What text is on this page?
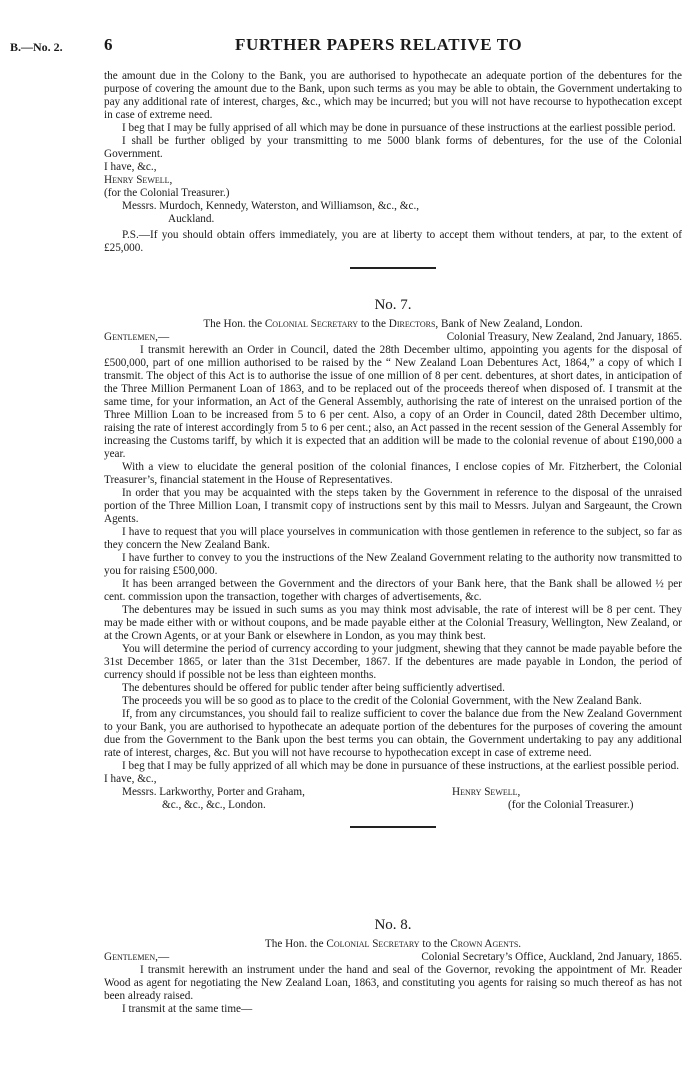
B.—No. 2. 6	FURTHER PAPERS RELATIVE TO

the amount due in the Colony to the Bank, you are authorised to hypothecate an adequate portion of the debentures for the purpose of covering the amount due to the Bank, upon such terms as you may be able to obtain, the Government undertaking to pay any additional rate of interest, charges, &c., which may be incurred; but you will not have recourse to hypothecation except in case of extreme need.

I beg that I may be fully apprised of all which may be done in pursuance of these instructions at the earliest possible period.

I shall be further obliged by your transmitting to me 5000 blank forms of debentures, for the use of the Colonial Government.

I have, &c.,

Henry Sewell,

(for the Colonial Treasurer.)

Messrs. Murdoch, Kennedy, Waterston, and Williamson, &c., &c.,

Auckland.

P.S.—If you should obtain offers immediately, you are at liberty to accept them without tenders, at par, to the extent of £25,000.

No. 7.

The Hon. the Colonial Secretary to the Directors, Bank of New Zealand, London.

Gentlemen,—	Colonial Treasury, New Zealand, 2nd January, 1865.

I transmit herewith an Order in Council, dated the 28th December ultimo, appointing you agents for the disposal of £500,000, part of one million authorised to be raised by the “ New Zealand Loan Debentures Act, 1864,” a copy of which I transmit. The object of this Act is to authorise the issue of one million of 8 per cent. debentures, at short dates, in anticipation of the Three Million Permanent Loan of 1863, and to be replaced out of the proceeds thereof when disposed of. I transmit at the same time, for your information, an Act of the General Assembly, authorising the rate of interest on the unraised portion of the Three Million Loan to be increased from 5 to 6 per cent. Also, a copy of an Order in Council, dated 28th December ultimo, raising the rate of interest accordingly from 5 to 6 per cent.; also, an Act passed in the recent session of the General Assembly for increasing the Customs tariff, by which it is expected that an addition will be made to the colonial revenue of about £190,000 a year.

With a view to elucidate the general position of the colonial finances, I enclose copies of Mr. Fitzherbert, the Colonial Treasurer’s, financial statement in the House of Representatives.

In order that you may be acquainted with the steps taken by the Government in reference to the disposal of the unraised portion of the Three Million Loan, I transmit copy of instructions sent by this mail to Messrs. Julyan and Sargeaunt, the Crown Agents.

I have to request that you will place yourselves in communication with those gentlemen in reference to the subject, so far as they concern the New Zealand Bank.

I have further to convey to you the instructions of the New Zealand Government relating to the authority now transmitted to you for raising £500,000.

It has been arranged between the Government and the directors of your Bank here, that the Bank shall be allowed ½ per cent. commission upon the transaction, together with charges of advertisements, &c.

The debentures may be issued in such sums as you may think most advisable, the rate of interest will be 8 per cent. They may be made either with or without coupons, and be made payable either at the Colonial Treasury, Wellington, New Zealand, or at the Crown Agents, or at your Bank or elsewhere in London, as you may think best.

You will determine the period of currency according to your judgment, shewing that they cannot be made payable before the 31st December 1865, or later than the 31st December, 1867. If the debentures are made payable in London, the period of currency should if possible not be less than eighteen months.

The debentures should be offered for public tender after being sufficiently advertised.

The proceeds you will be so good as to place to the credit of the Colonial Government, with the New Zealand Bank.

If, from any circumstances, you should fail to realize sufficient to cover the balance due from the New Zealand Government to your Bank, you are authorised to hypothecate an adequate portion of the debentures for the purposes of covering the amount due from the Government to the Bank upon the best terms you can obtain, the Government undertaking to pay any additional rate of interest, charges, &c. But you will not have recourse to hypothecation except in case of extreme need.

I beg that I may be fully apprized of all which may be done in pursuance of these instructions, at the earliest possible period.

I have, &c.,

Messrs. Larkworthy, Porter and Graham,	Henry Sewell,
&c., &c., &c., London.	(for the Colonial Treasurer.)

No. 8.

The Hon. the Colonial Secretary to the Crown Agents.

Gentlemen,—	Colonial Secretary’s Office, Auckland, 2nd January, 1865.

I transmit herewith an instrument under the hand and seal of the Governor, revoking the appointment of Mr. Reader Wood as agent for negotiating the New Zealand Loan, 1863, and constituting you agents for raising so much thereof as has not been already raised.

I transmit at the same time—
